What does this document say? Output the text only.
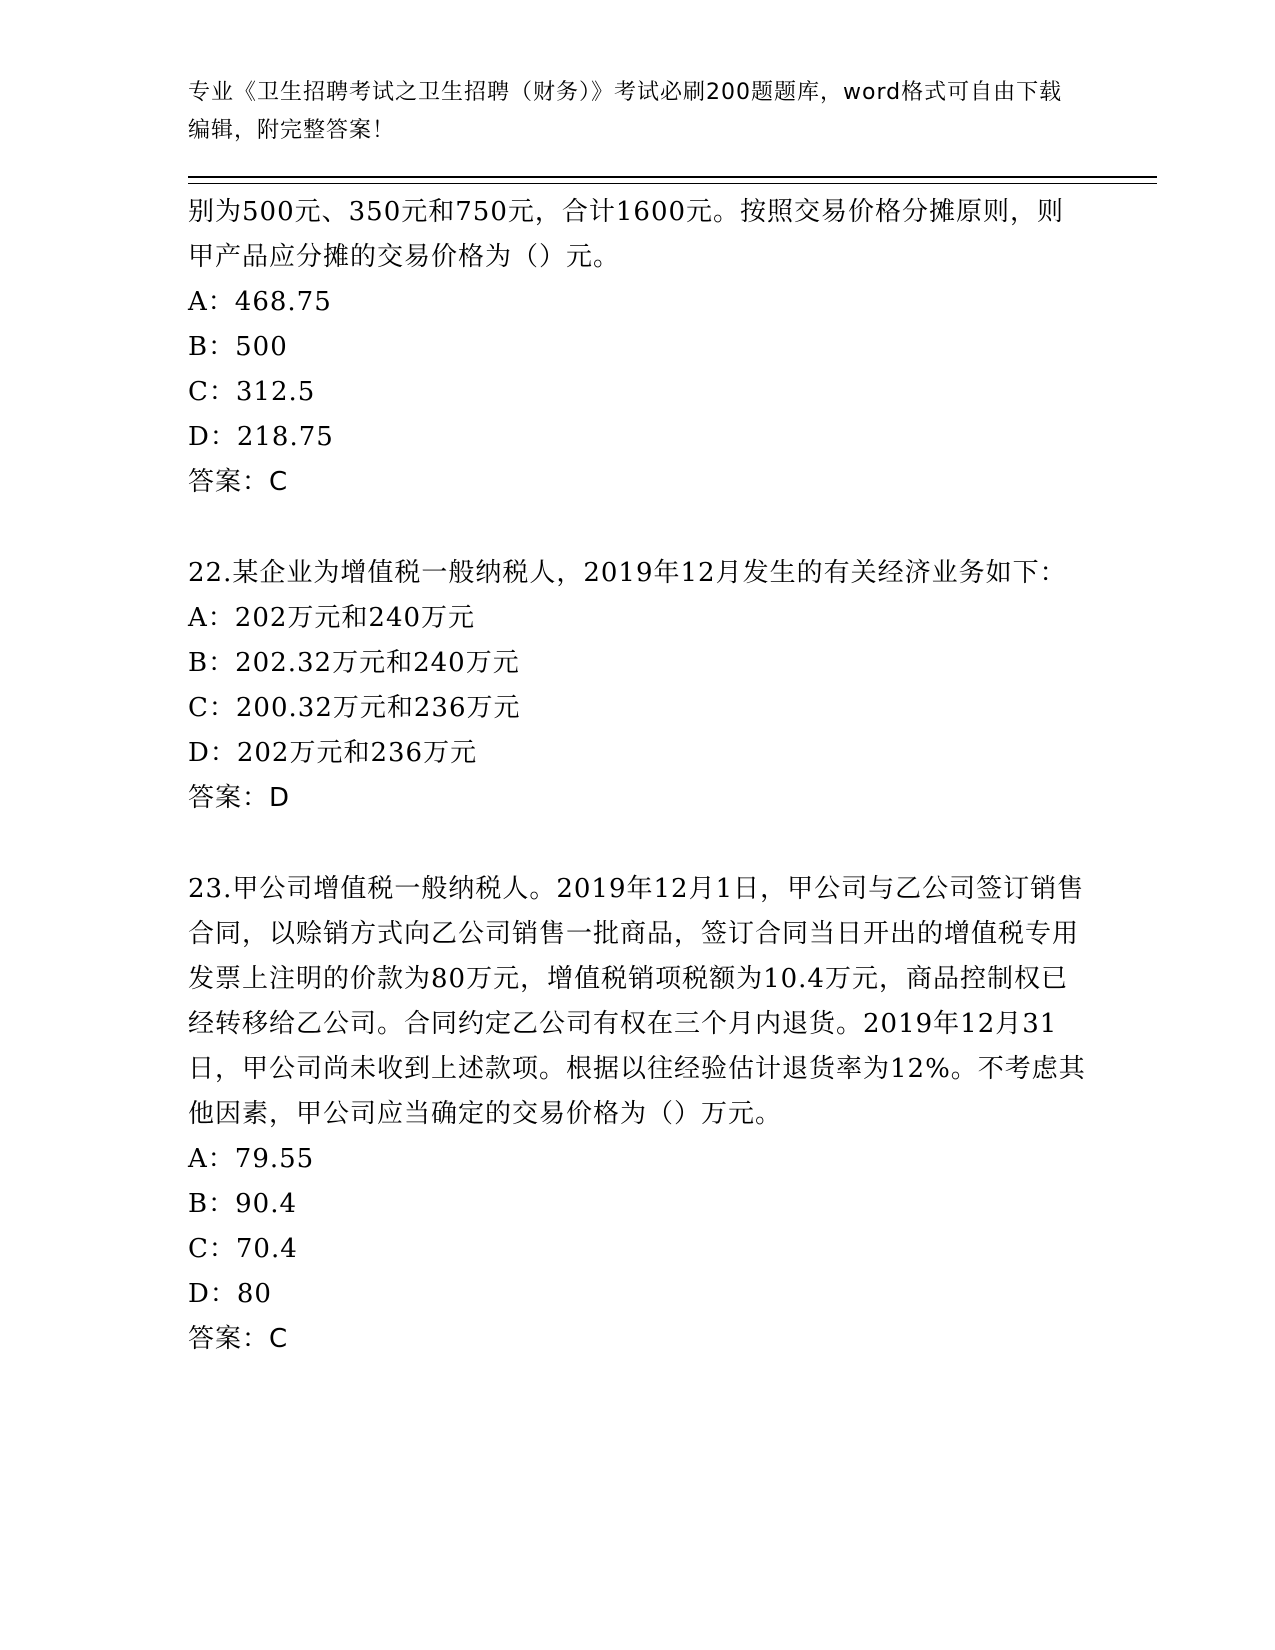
专业《卫生招聘考试之卫生招聘（财务）》考试必刷200题题库，word格式可自由下载编辑，附完整答案！

别为500元、350元和750元，合计1600元。按照交易价格分摊原则，则甲产品应分摊的交易价格为（）元。

A：468.75

B：500

C：312.5

D：218.75

答案：C

22.某企业为增值税一般纳税人，2019年12月发生的有关经济业务如下：

A：202万元和240万元

B：202.32万元和240万元

C：200.32万元和236万元

D：202万元和236万元

答案：D

23.甲公司增值税一般纳税人。2019年12月1日，甲公司与乙公司签订销售合同，以赊销方式向乙公司销售一批商品，签订合同当日开出的增值税专用发票上注明的价款为80万元，增值税销项税额为10.4万元，商品控制权已经转移给乙公司。合同约定乙公司有权在三个月内退货。2019年12月31日，甲公司尚未收到上述款项。根据以往经验估计退货率为12%。不考虑其他因素，甲公司应当确定的交易价格为（）万元。

A：79.55

B：90.4

C：70.4

D：80

答案：C
